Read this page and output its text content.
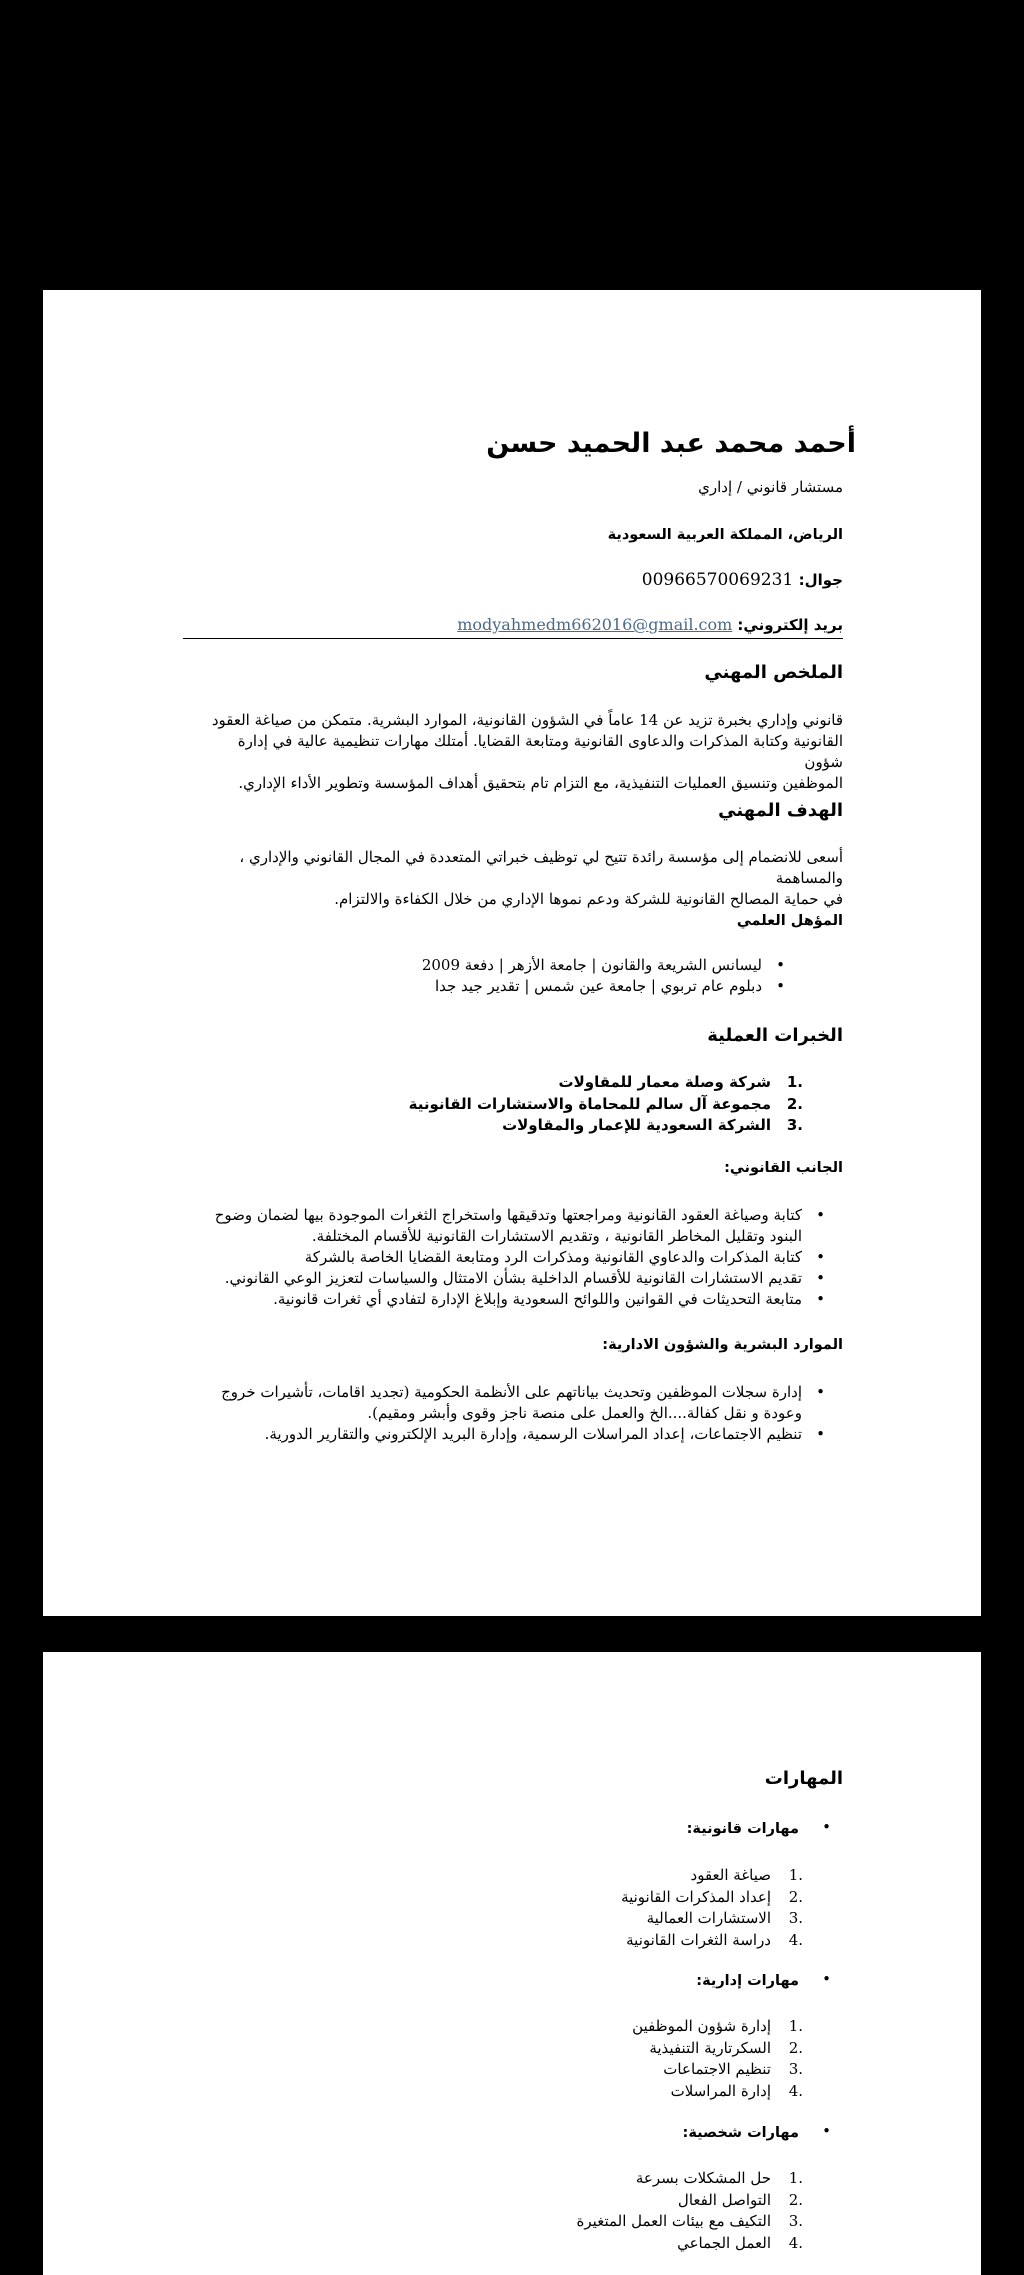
أحمد محمد عبد الحميد حسن
مستشار قانوني / إداري
الرياض، المملكة العربية السعودية
جوال: 00966570069231
بريد إلكتروني: modyahmedm662016@gmail.com
الملخص المهني
قانوني وإداري بخبرة تزيد عن 14 عاماً في الشؤون القانونية، الموارد البشرية. متمكن من صياغة العقود
القانونية وكتابة المذكرات والدعاوى القانونية ومتابعة القضايا. أمتلك مهارات تنظيمية عالية في إدارة شؤون
الموظفين وتنسيق العمليات التنفيذية، مع التزام تام بتحقيق أهداف المؤسسة وتطوير الأداء الإداري.
الهدف المهني
أسعى للانضمام إلى مؤسسة رائدة تتيح لي توظيف خبراتي المتعددة في المجال القانوني والإداري ، والمساهمة
في حماية المصالح القانونية للشركة ودعم نموها الإداري من خلال الكفاءة والالتزام.
المؤهل العلمي
• ليسانس الشريعة والقانون | جامعة الأزهر | دفعة 2009
• دبلوم عام تربوي | جامعة عين شمس | تقدير جيد جدا
الخبرات العملية
1.
شركة وصلة معمار للمقاولات
2.
مجموعة آل سالم للمحاماة والاستشارات القانونية
3.
الشركة السعودية للإعمار والمقاولات
الجانب القانوني:
• كتابة وصياغة العقود القانونية ومراجعتها وتدقيقها واستخراج الثغرات الموجودة بيها لضمان وضوح
البنود وتقليل المخاطر القانونية ، وتقديم الاستشارات القانونية للأقسام المختلفة.
• كتابة المذكرات والدعاوي القانونية ومذكرات الرد ومتابعة القضايا الخاصة بالشركة
• تقديم الاستشارات القانونية للأقسام الداخلية بشأن الامتثال والسياسات لتعزيز الوعي القانوني.
• متابعة التحديثات في القوانين واللوائح السعودية وإبلاغ الإدارة لتفادي أي ثغرات قانونية.
الموارد البشرية والشؤون الادارية:
• إدارة سجلات الموظفين وتحديث بياناتهم على الأنظمة الحكومية (تجديد اقامات، تأشيرات خروج
وعودة و نقل كفالة....الخ والعمل على منصة ناجز وقوى وأبشر ومقيم).
• تنظيم الاجتماعات، إعداد المراسلات الرسمية، وإدارة البريد الإلكتروني والتقارير الدورية.
المهارات
•
مهارات قانونية:
1.
صياغة العقود
2.
إعداد المذكرات القانونية
3.
الاستشارات العمالية
4.
دراسة الثغرات القانونية
•
مهارات إدارية:
1.
إدارة شؤون الموظفين
2.
السكرتارية التنفيذية
3.
تنظيم الاجتماعات
4.
إدارة المراسلات
•
مهارات شخصية:
1.
حل المشكلات بسرعة
2.
التواصل الفعال
3.
التكيف مع بيئات العمل المتغيرة
4.
العمل الجماعي
